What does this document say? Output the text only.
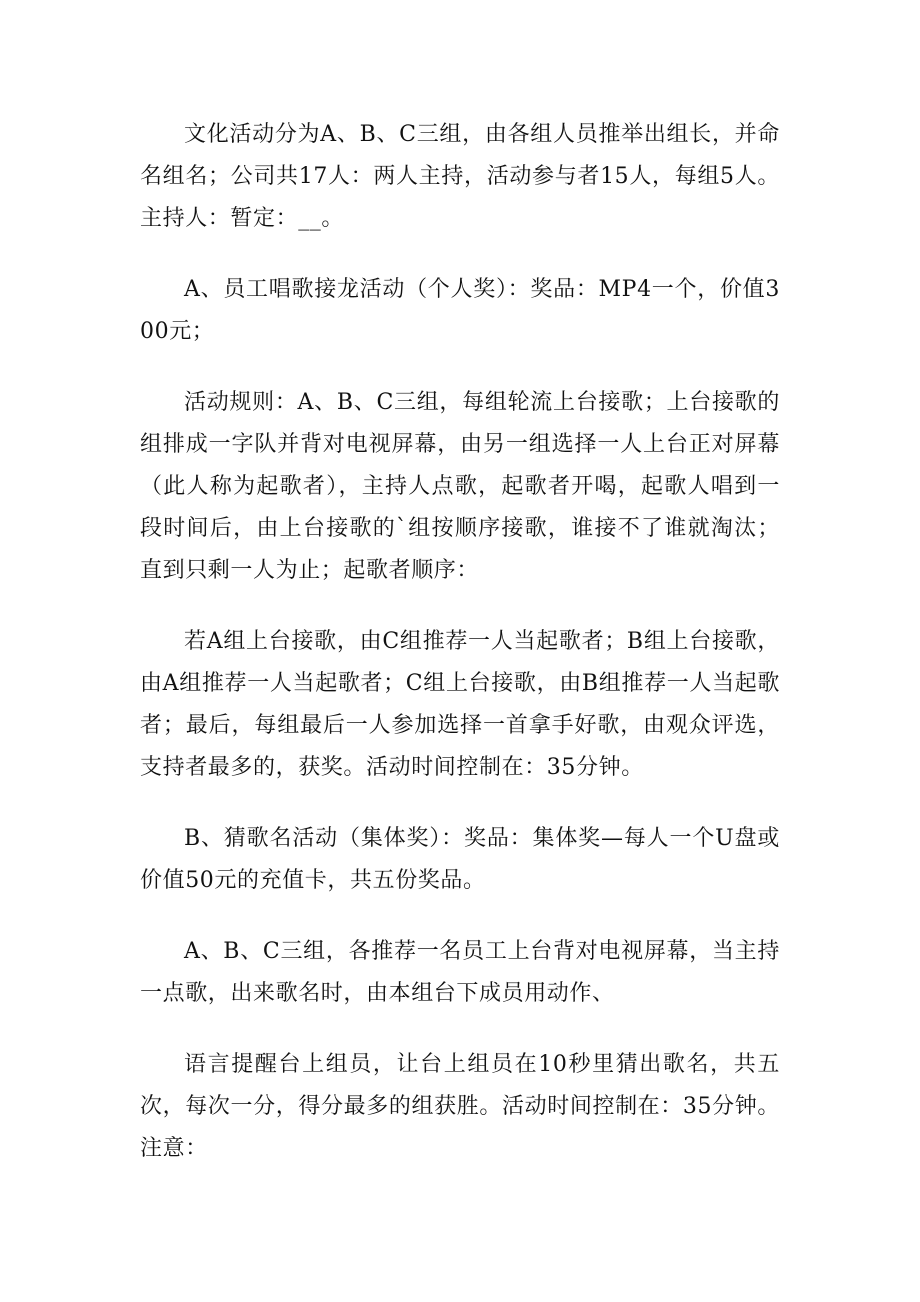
文化活动分为A、B、C三组，由各组人员推举出组长，并命名组名；公司共17人：两人主持，活动参与者15人，每组5人。主持人：暂定：__。

A、员工唱歌接龙活动（个人奖）：奖品：MP4一个，价值300元；

活动规则：A、B、C三组，每组轮流上台接歌；上台接歌的组排成一字队并背对电视屏幕，由另一组选择一人上台正对屏幕（此人称为起歌者），主持人点歌，起歌者开喝，起歌人唱到一段时间后，由上台接歌的`组按顺序接歌，谁接不了谁就淘汰；直到只剩一人为止；起歌者顺序：

若A组上台接歌，由C组推荐一人当起歌者；B组上台接歌，由A组推荐一人当起歌者；C组上台接歌，由B组推荐一人当起歌者；最后，每组最后一人参加选择一首拿手好歌，由观众评选，支持者最多的，获奖。活动时间控制在：35分钟。

B、猜歌名活动（集体奖）：奖品：集体奖—每人一个U盘或价值50元的充值卡，共五份奖品。

A、B、C三组，各推荐一名员工上台背对电视屏幕，当主持一点歌，出来歌名时，由本组台下成员用动作、

语言提醒台上组员，让台上组员在10秒里猜出歌名，共五次，每次一分，得分最多的组获胜。活动时间控制在：35分钟。注意：
